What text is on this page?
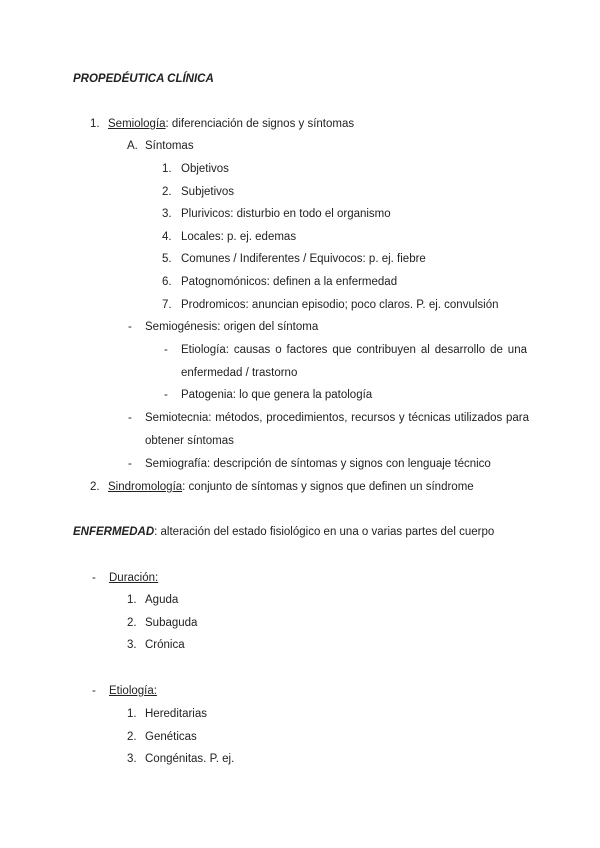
PROPEDÉUTICA CLÍNICA
1. Semiología: diferenciación de signos y síntomas
A. Síntomas
1. Objetivos
2. Subjetivos
3. Plurivicos: disturbio en todo el organismo
4. Locales: p. ej. edemas
5. Comunes / Indiferentes / Equivocos: p. ej. fiebre
6. Patognomónicos: definen a la enfermedad
7. Prodromicos: anuncian episodio; poco claros. P. ej. convulsión
- Semiogénesis: origen del síntoma
- Etiología: causas o factores que contribuyen al desarrollo de una enfermedad / trastorno
- Patogenia: lo que genera la patología
- Semiotecnia: métodos, procedimientos, recursos y técnicas utilizados para obtener síntomas
- Semiografía: descripción de síntomas y signos con lenguaje técnico
2. Sindromología: conjunto de síntomas y signos que definen un síndrome
ENFERMEDAD: alteración del estado fisiológico en una o varias partes del cuerpo
- Duración:
1. Aguda
2. Subaguda
3. Crónica
- Etiología:
1. Hereditarias
2. Genéticas
3. Congénitas. P. ej.
